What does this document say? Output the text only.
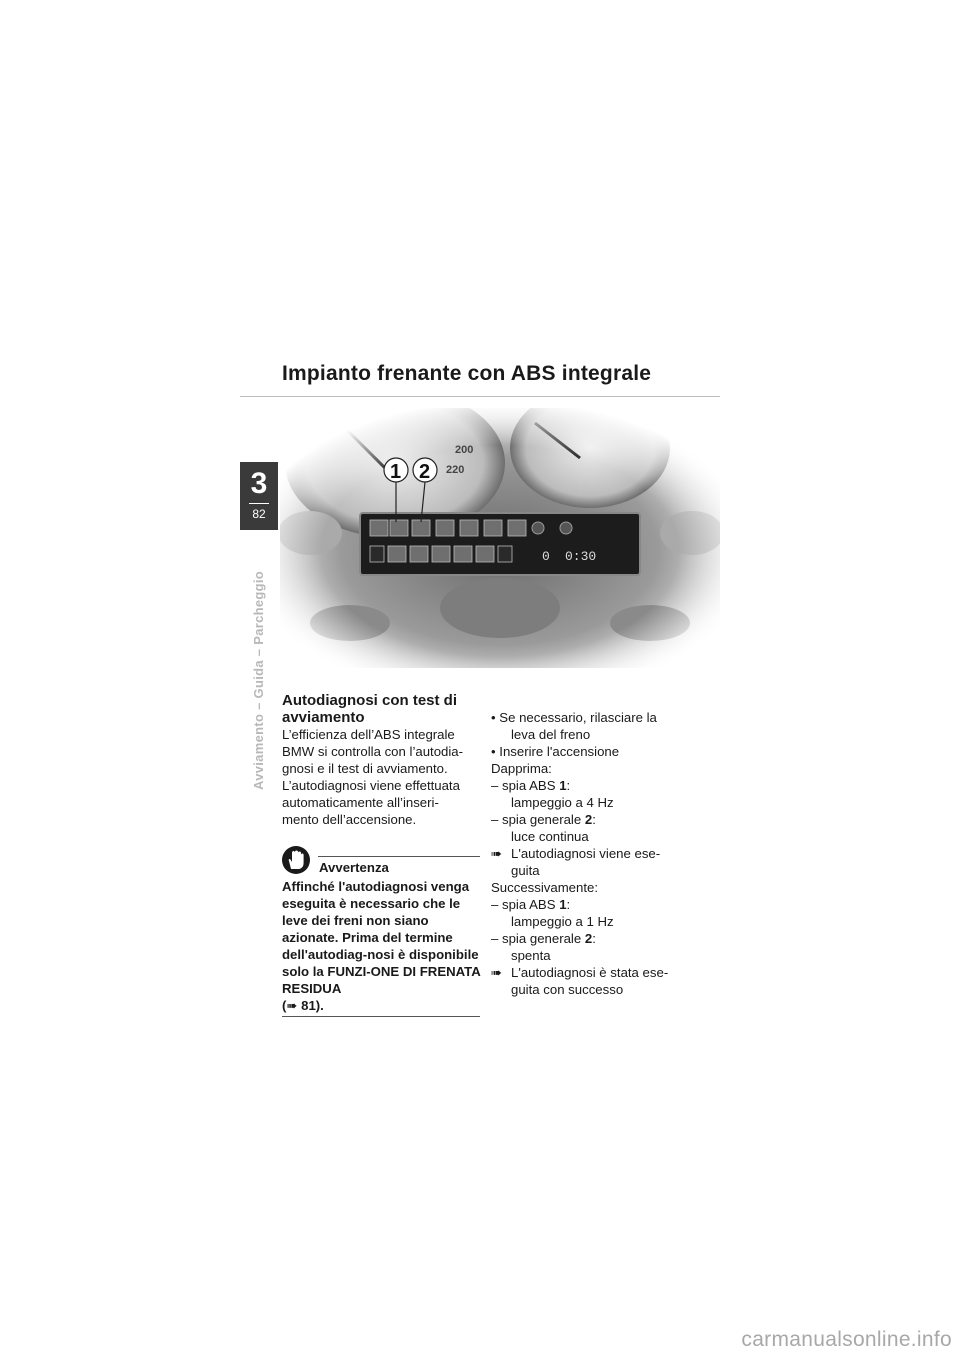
Impianto frenante con ABS integrale
3
82
Avviamento – Guida – Parcheggio
1 2

Autodiagnosi con test di
avviamento

L’efficienza dell’ABS integrale
BMW si controlla con l’autodia-
gnosi e il test di avviamento.
L’autodiagnosi viene effettuata
automaticamente all’inseri-
mento dell’accensione.

Avvertenza
Affinché l'autodiagnosi venga eseguita è necessario che le leve dei freni non siano azionate. Prima del termine dell'autodiag-nosi è disponibile solo la FUNZI-ONE DI FRENATA RESIDUA
(➠ 81).
• Se necessario, rilasciare la
leva del freno
• Inserire l'accensione
Dapprima:
– spia ABS 1:
lampeggio a 4 Hz
– spia generale 2:
luce continua
➠ L'autodiagnosi viene ese-
guita
Successivamente:
– spia ABS 1:
lampeggio a 1 Hz
– spia generale 2:
spenta
➠ L'autodiagnosi è stata ese-
guita con successo
carmanualsonline.info
